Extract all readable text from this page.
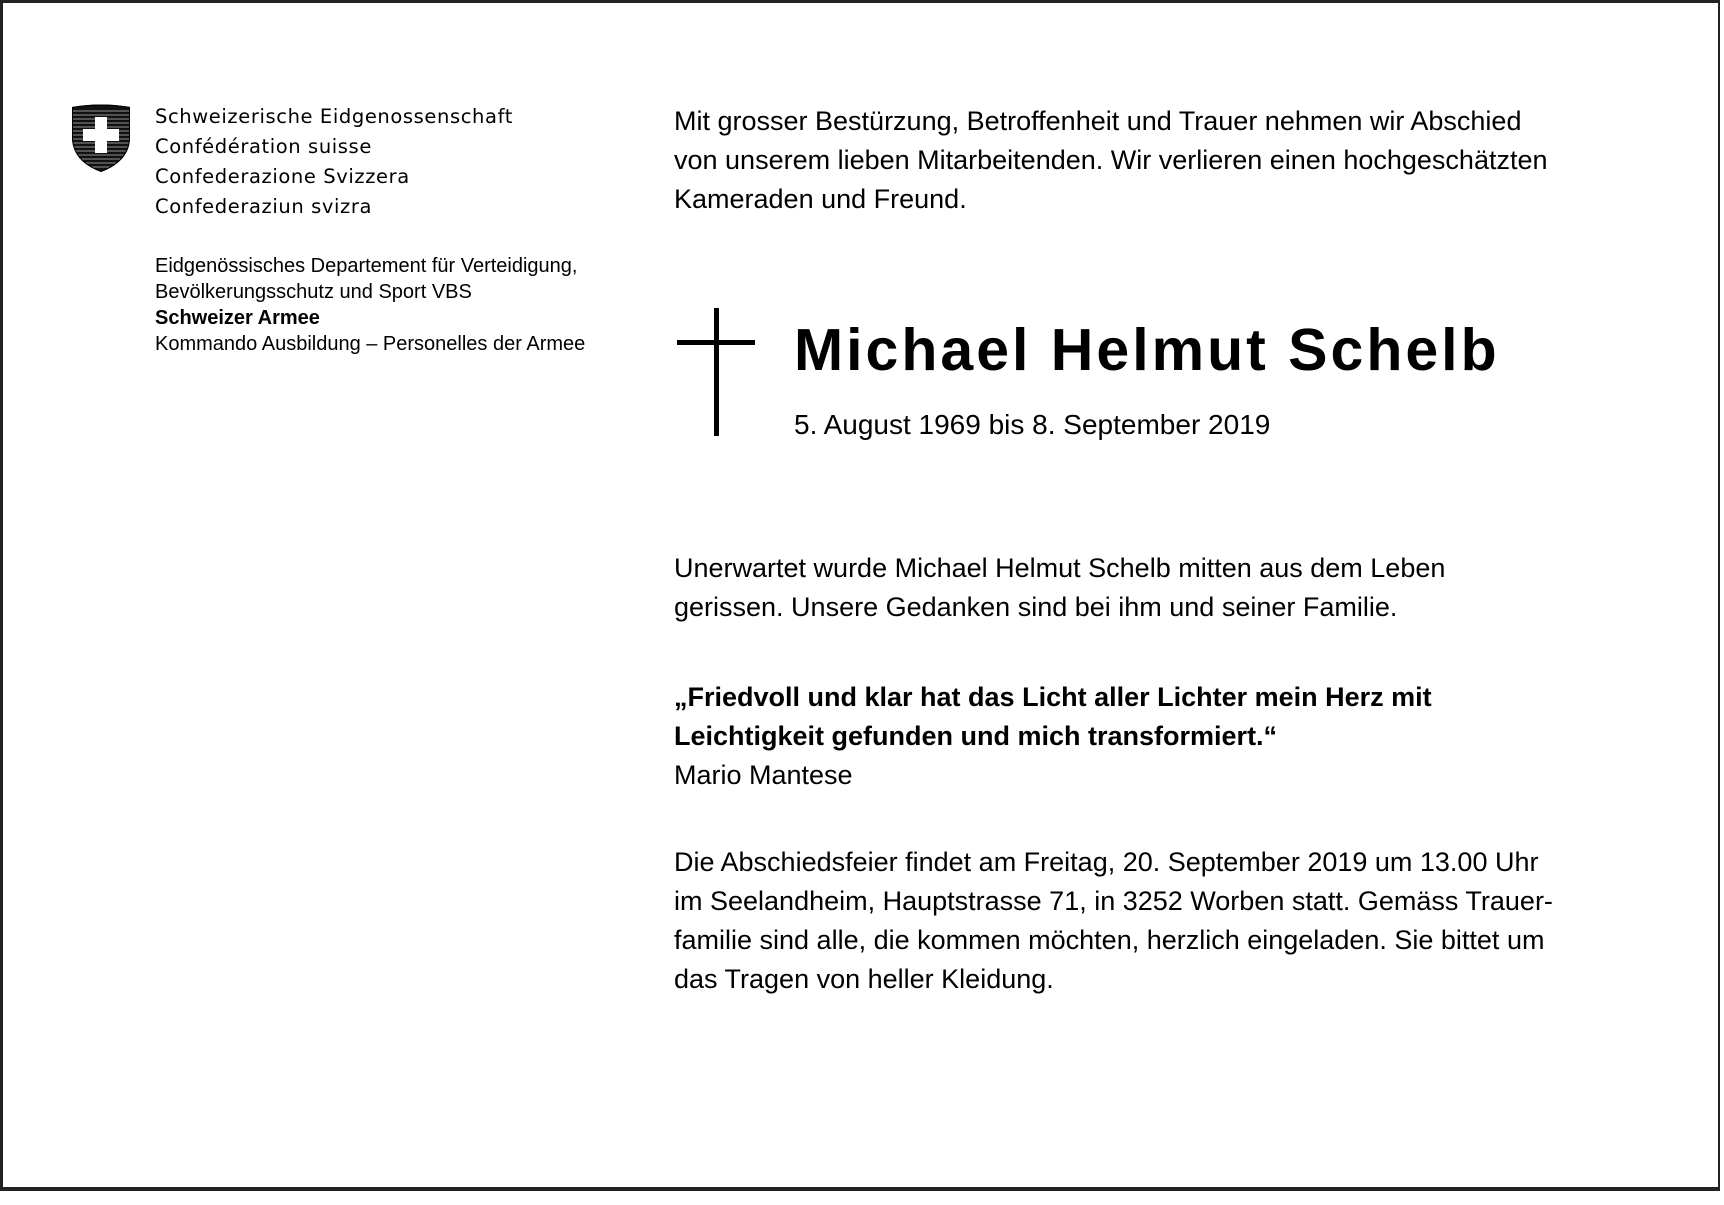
Schweizerische Eidgenossenschaft
Confédération suisse
Confederazione Svizzera
Confederaziun svizra
Eidgenössisches Departement für Verteidigung,
Bevölkerungsschutz und Sport VBS
Schweizer Armee
Kommando Ausbildung – Personelles der Armee

Mit grosser Bestürzung, Betroffenheit und Trauer nehmen wir Abschied

von unserem lieben Mitarbeitenden. Wir verlieren einen hochgeschätzten

Kameraden und Freund.

Michael Helmut Schelb
5. August 1969 bis 8. September 2019

Unerwartet wurde Michael Helmut Schelb mitten aus dem Leben

gerissen. Unsere Gedanken sind bei ihm und seiner Familie.

„Friedvoll und klar hat das Licht aller Lichter mein Herz mit

Leichtigkeit gefunden und mich transformiert.“

Mario Mantese

Die Abschiedsfeier findet am Freitag, 20. September 2019 um 13.00 Uhr

im Seelandheim, Hauptstrasse 71, in 3252 Worben statt. Gemäss Trauer-

familie sind alle, die kommen möchten, herzlich eingeladen. Sie bittet um

das Tragen von heller Kleidung.
